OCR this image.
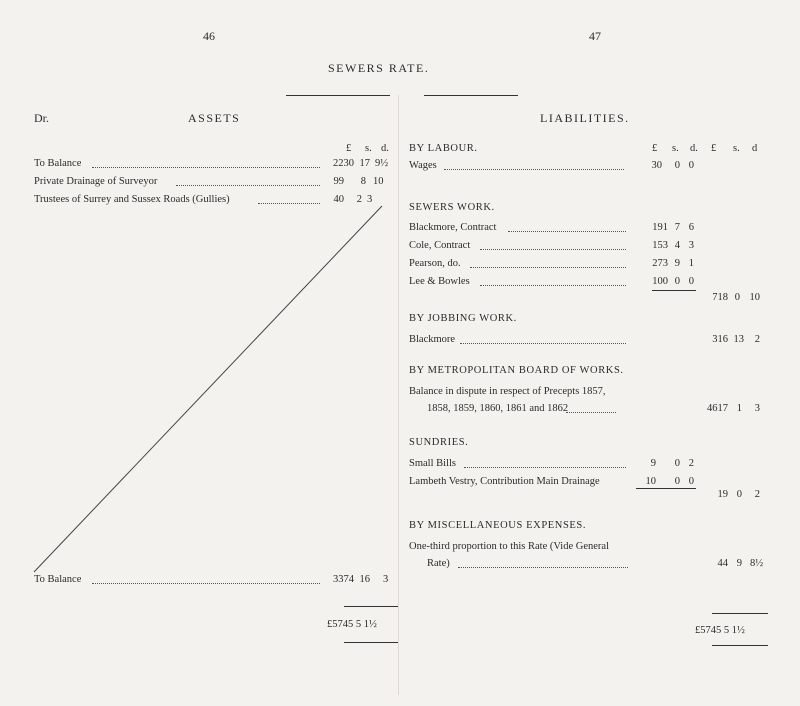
46	47
SEWERS RATE.
Dr.	ASSETS
£ s. d.
To Balance	2230 17 9½
Private Drainage of Surveyor	99	8 10
Trustees of Surrey and Sussex Roads (Gullies)	40	2 3
To Balance	3374 16 3
£5745 5 1½
LIABILITIES.
BY LABOUR.	£ s. d. £ s. d
Wages	30	0 0
SEWERS WORK.
Blackmore, Contract	191 7 6
Cole, Contract	153 4 3
Pearson, do.	273 9 1
Lee & Bowles	100 0 0
718 0 10
BY JOBBING WORK.
Blackmore	316 13 2
BY METROPOLITAN BOARD OF WORKS.
Balance in dispute in respect of Precepts 1857,
1858, 1859, 1860, 1861 and 1862	4617 1 3
SUNDRIES.
Small Bills	9 0 2
Lambeth Vestry, Contribution Main Drainage	10 0 0
19 0 2
BY MISCELLANEOUS EXPENSES.
One-third proportion to this Rate (Vide General
Rate)	44 9 8½
£5745 5 1½
